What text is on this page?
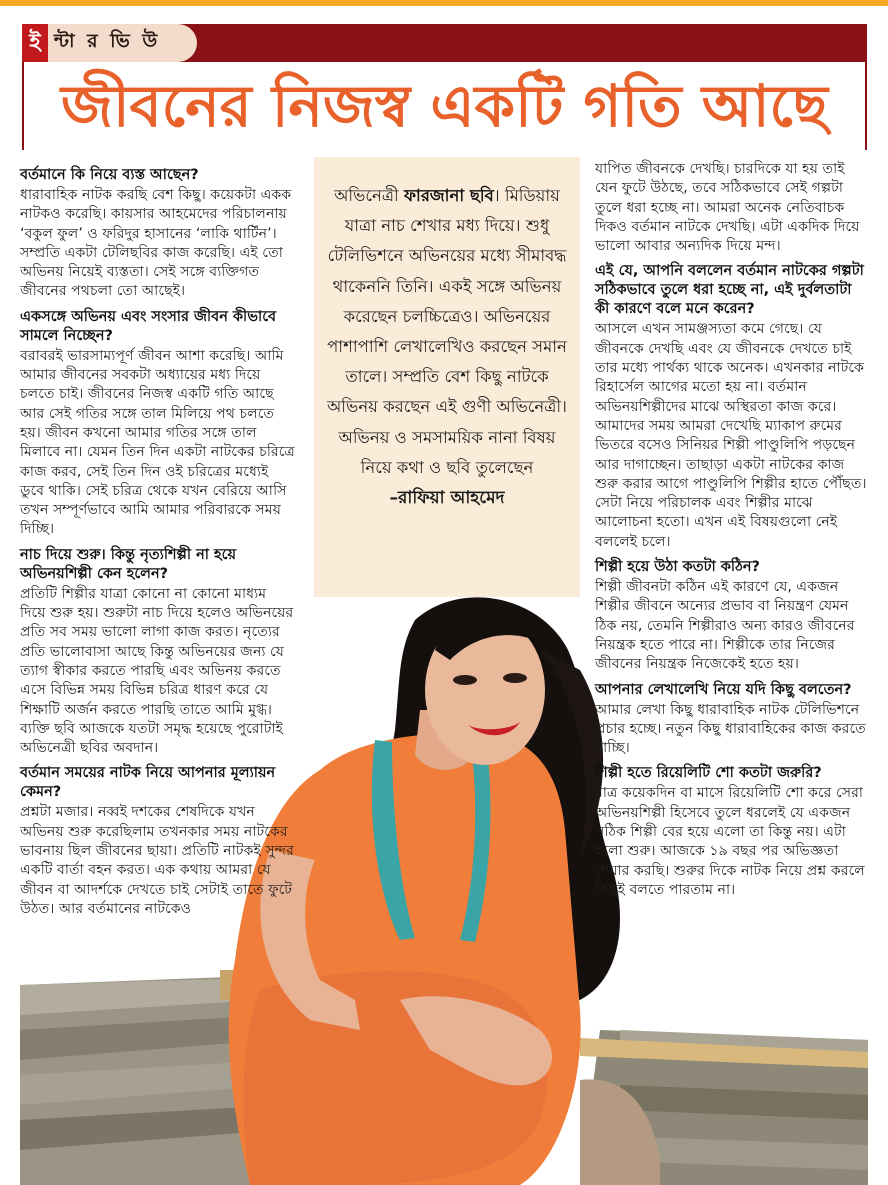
ই ন্টা র ভি উ
জীবনের নিজস্ব একটি গতি আছে
বর্তমানে কি নিয়ে ব্যস্ত আছেন?

ধারাবাহিক নাটক করছি বেশ কিছু। কয়েকটা একক নাটকও করেছি। কায়সার আহমেদের পরিচালনায় ‘বকুল ফুল’ ও ফরিদুর হাসানের ‘লাকি থার্টিন’। সম্প্রতি একটা টেলিছবির কাজ করেছি। এই তো অভিনয় নিয়েই ব্যস্ততা। সেই সঙ্গে ব্যক্তিগত জীবনের পথচলা তো আছেই।

একসঙ্গে অভিনয় এবং সংসার জীবন কীভাবে সামলে নিচ্ছেন?

বরাবরই ভারসাম্যপূর্ণ জীবন আশা করেছি। আমি আমার জীবনের সবকটা অধ্যায়ের মধ্য দিয়ে চলতে চাই। জীবনের নিজস্ব একটি গতি আছে আর সেই গতির সঙ্গে তাল মিলিয়ে পথ চলতে হয়। জীবন কখনো আমার গতির সঙ্গে তাল মিলাবে না। যেমন তিন দিন একটা নাটকের চরিত্রে কাজ করব, সেই তিন দিন ওই চরিত্রের মধ্যেই ডুবে থাকি। সেই চরিত্র থেকে যখন বেরিয়ে আসি তখন সম্পূর্ণভাবে আমি আমার পরিবারকে সময় দিচ্ছি।

নাচ দিয়ে শুরু। কিন্তু নৃত্যশিল্পী না হয়ে অভিনয়শিল্পী কেন হলেন?

প্রতিটি শিল্পীর যাত্রা কোনো না কোনো মাধ্যম দিয়ে শুরু হয়। শুরুটা নাচ দিয়ে হলেও অভিনয়ের প্রতি সব সময় ভালো লাগা কাজ করত। নৃত্যের প্রতি ভালোবাসা আছে কিন্তু অভিনয়ের জন্য যে ত্যাগ স্বীকার করতে পারছি এবং অভিনয় করতে এসে বিভিন্ন সময় বিভিন্ন চরিত্র ধারণ করে যে শিক্ষাটি অর্জন করতে পারছি তাতে আমি মুগ্ধ। ব্যক্তি ছবি আজকে যতটা সমৃদ্ধ হয়েছে পুরোটাই অভিনেত্রী ছবির অবদান।

বর্তমান সময়ের নাটক নিয়ে আপনার মূল্যায়ন কেমন?

প্রশ্নটা মজার। নব্বই দশকের শেষদিকে যখন অভিনয় শুরু করেছিলাম তখনকার সময় নাটকের ভাবনায় ছিল জীবনের ছায়া। প্রতিটি নাটকই সুন্দর একটি বার্তা বহন করত। এক কথায় আমরা যে জীবন বা আদর্শকে দেখতে চাই সেটাই তাতে ফুটে উঠত। আর বর্তমানের নাটকেও

অভিনেত্রী ফারজানা ছবি। মিডিয়ায় যাত্রা নাচ শেখার মধ্য দিয়ে। শুধু টেলিভিশনে অভিনয়ের মধ্যে সীমাবদ্ধ থাকেননি তিনি। একই সঙ্গে অভিনয় করেছেন চলচ্চিত্রেও। অভিনয়ের পাশাপাশি লেখালেখিও করছেন সমান তালে। সম্প্রতি বেশ কিছু নাটকে অভিনয় করছেন এই গুণী অভিনেত্রী। অভিনয় ও সমসাময়িক নানা বিষয় নিয়ে কথা ও ছবি তুলেছেন
–রাফিয়া আহমেদ

যাপিত জীবনকে দেখছি। চারদিকে যা হয় তাই যেন ফুটে উঠছে, তবে সঠিকভাবে সেই গল্পটা তুলে ধরা হচ্ছে না। আমরা অনেক নেতিবাচক দিকও বর্তমান নাটকে দেখছি। এটা একদিক দিয়ে ভালো আবার অন্যদিক দিয়ে মন্দ।

এই যে, আপনি বললেন বর্তমান নাটকের গল্পটা সঠিকভাবে তুলে ধরা হচ্ছে না, এই দুর্বলতাটা কী কারণে বলে মনে করেন?

আসলে এখন সামঞ্জস্যতা কমে গেছে। যে জীবনকে দেখছি এবং যে জীবনকে দেখতে চাই তার মধ্যে পার্থক্য থাকে অনেক। এখনকার নাটকে রিহার্সেল আগের মতো হয় না। বর্তমান অভিনয়শিল্পীদের মাঝে অস্থিরতা কাজ করে। আমাদের সময় আমরা দেখেছি ম্যাকাপ রুমের ভিতরে বসেও সিনিয়র শিল্পী পাণ্ডুলিপি পড়ছেন আর দাগাচ্ছেন। তাছাড়া একটা নাটকের কাজ শুরু করার আগে পাণ্ডুলিপি শিল্পীর হাতে পৌঁছত। সেটা নিয়ে পরিচালক এবং শিল্পীর মাঝে আলোচনা হতো। এখন এই বিষয়গুলো নেই বললেই চলে।

শিল্পী হয়ে উঠা কতটা কঠিন?

শিল্পী জীবনটা কঠিন এই কারণে যে, একজন শিল্পীর জীবনে অন্যের প্রভাব বা নিয়ন্ত্রণ যেমন ঠিক নয়, তেমনি শিল্পীরাও অন্য কারও জীবনের নিয়ন্ত্রক হতে পারে না। শিল্পীকে তার নিজের জীবনের নিয়ন্ত্রক নিজেকেই হতে হয়।

আপনার লেখালেখি নিয়ে যদি কিছু বলতেন?

আমার লেখা কিছু ধারাবাহিক নাটক টেলিভিশনে প্রচার হচ্ছে। নতুন কিছু ধারাবাহিকের কাজ করতে যাচ্ছি।

শিল্পী হতে রিয়েলিটি শো কতটা জরুরি?

মাত্র কয়েকদিন বা মাসে রিয়েলিটি শো করে সেরা অভিনয়শিল্পী হিসেবে তুলে ধরলেই যে একজন সঠিক শিল্পী বের হয়ে এলো তা কিন্তু নয়। এটা হলো শুরু। আজকে ১৯ বছর পর অভিজ্ঞতা শেয়ার করছি। শুরুর দিকে নাটক নিয়ে প্রশ্ন করলে কিছুই বলতে পারতাম না।
